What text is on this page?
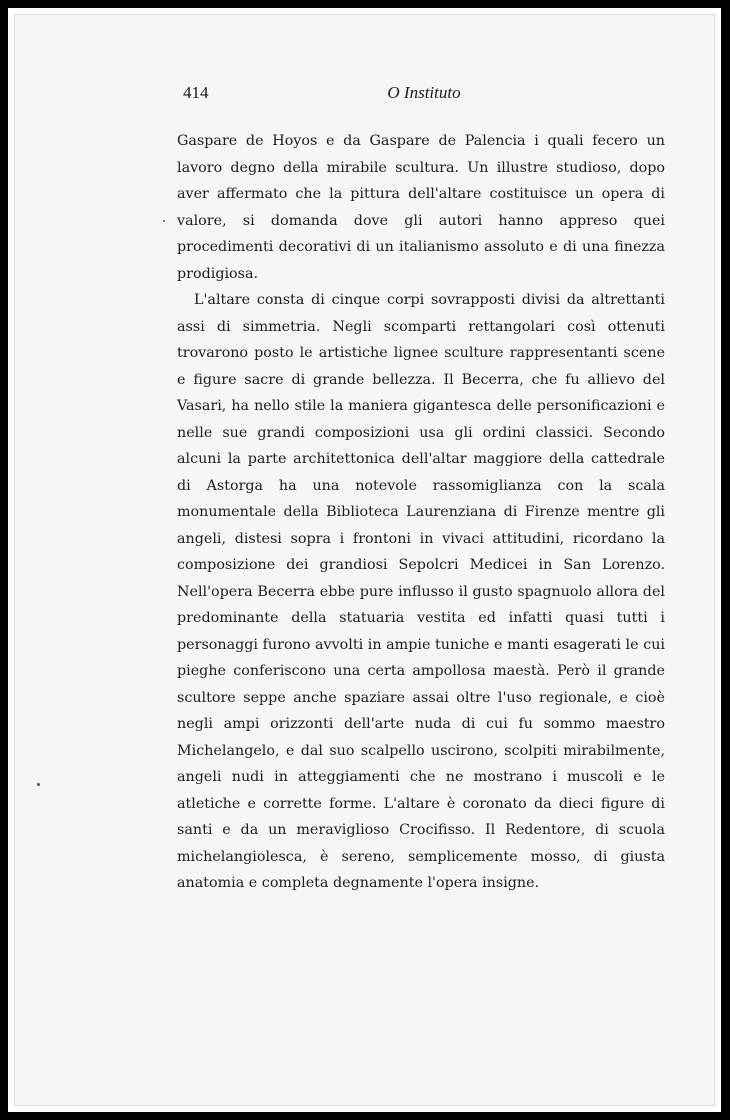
414	O Instituto

Gaspare de Hoyos e da Gaspare de Palencia i quali fecero un lavoro degno della mirabile scultura. Un illustre studioso, dopo aver affermato che la pittura dell'altare costituisce un opera di valore, si domanda dove gli autori hanno appreso quei procedimenti decorativi di un italianismo assoluto e di una finezza prodigiosa.

L'altare consta di cinque corpi sovrapposti divisi da altrettanti assi di simmetria. Negli scomparti rettangolari così ottenuti trovarono posto le artistiche lignee sculture rappresentanti scene e figure sacre di grande bellezza. Il Becerra, che fu allievo del Vasari, ha nello stile la maniera gigantesca delle personificazioni e nelle sue grandi composizioni usa gli ordini classici. Secondo alcuni la parte architettonica dell'altar maggiore della cattedrale di Astorga ha una notevole rassomiglianza con la scala monumentale della Biblioteca Laurenziana di Firenze mentre gli angeli, distesi sopra i frontoni in vivaci attitudini, ricordano la composizione dei grandiosi Sepolcri Medicei in San Lorenzo. Nell'opera Becerra ebbe pure influsso il gusto spagnuolo allora del predominante della statuaria vestita ed infatti quasi tutti i personaggi furono avvolti in ampie tuniche e manti esagerati le cui pieghe conferiscono una certa ampollosa maestà. Però il grande scultore seppe anche spaziare assai oltre l'uso regionale, e cioè negli ampi orizzonti dell'arte nuda di cui fu sommo maestro Michelangelo, e dal suo scalpello uscirono, scolpiti mirabilmente, angeli nudi in atteggiamenti che ne mostrano i muscoli e le atletiche e corrette forme. L'altare è coronato da dieci figure di santi e da un meraviglioso Crocifisso. Il Redentore, di scuola michelangiolesca, è sereno, semplicemente mosso, di giusta anatomia e completa degnamente l'opera insigne.
